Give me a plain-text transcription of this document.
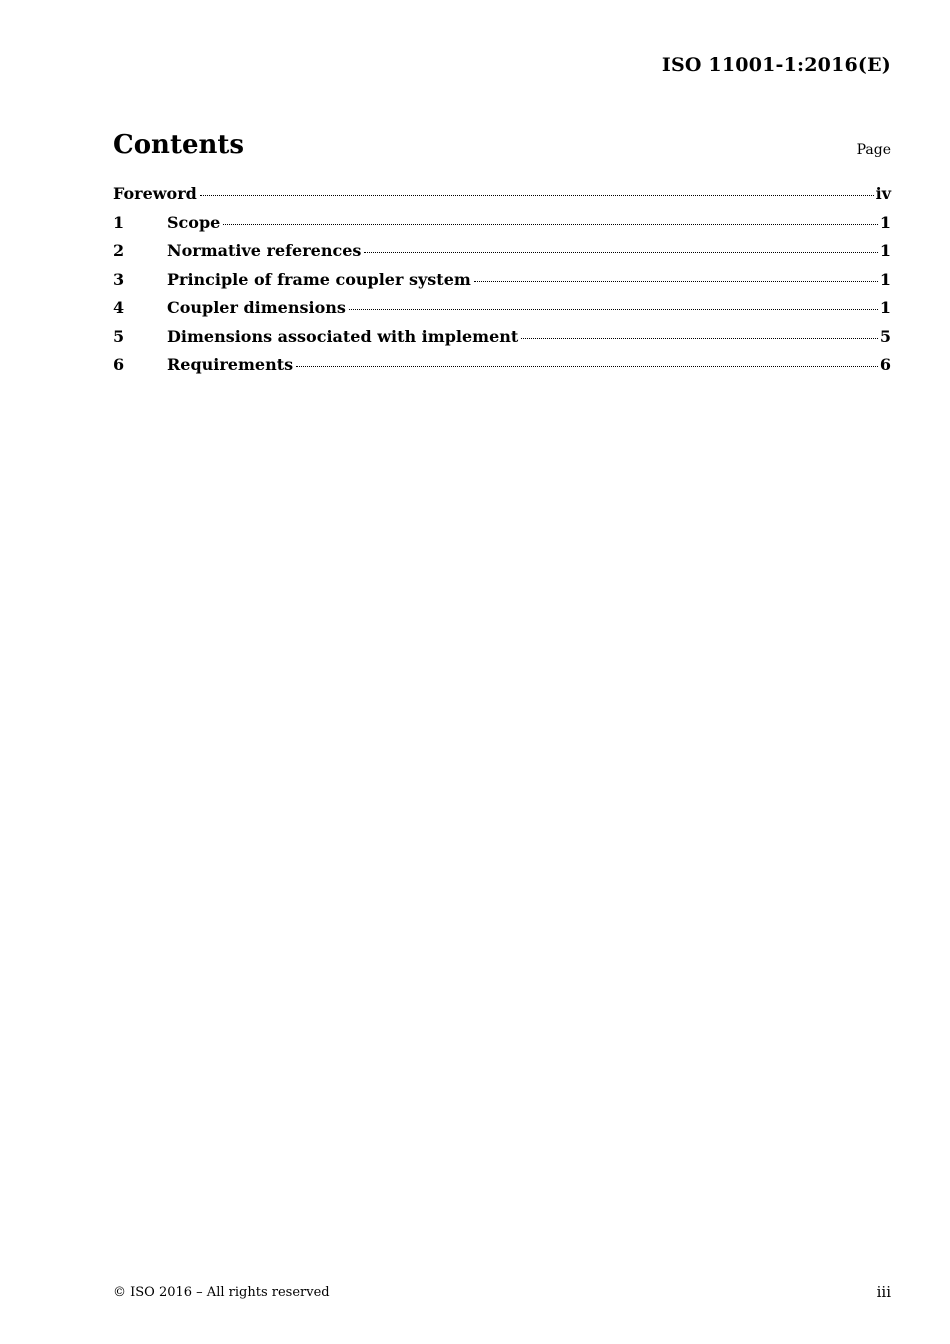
ISO 11001-1:2016(E)
Contents	Page
Foreword	iv
1	Scope	1
2	Normative references	1
3	Principle of frame coupler system	1
4	Coupler dimensions	1
5	Dimensions associated with implement	5
6	Requirements	6
© ISO 2016 – All rights reserved	iii
